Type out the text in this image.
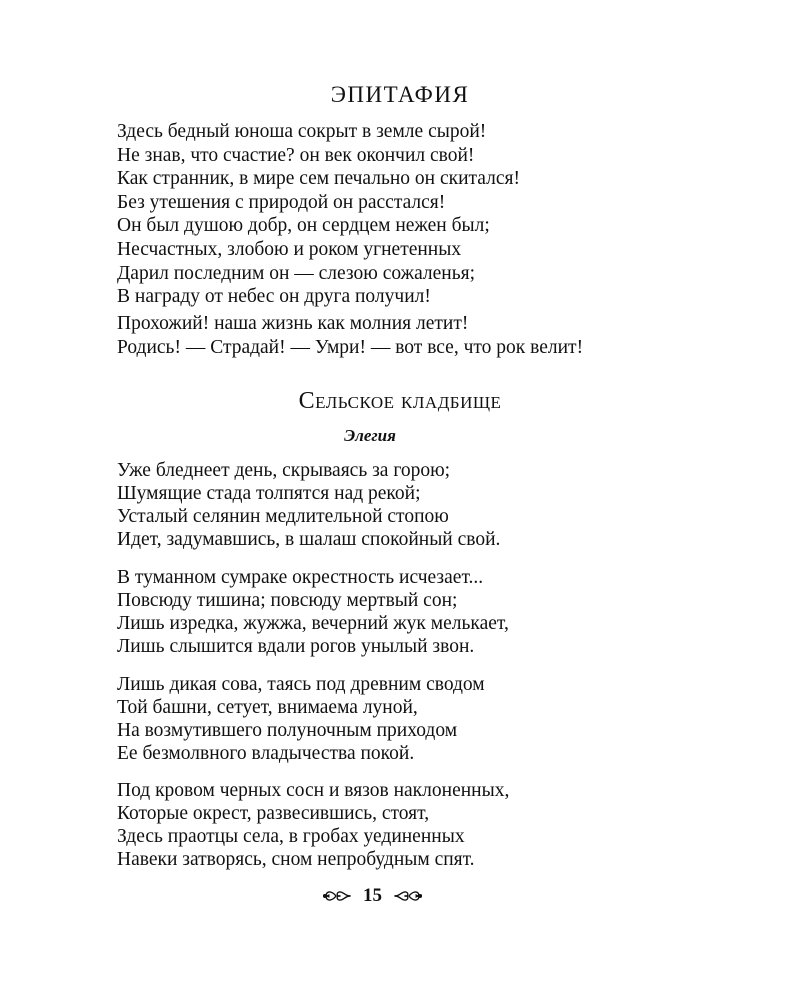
ЭПИТАФИЯ
Здесь бедный юноша сокрыт в земле сырой!
Не знав, что счастие? он век окончил свой!
Как странник, в мире сем печально он скитался!
Без утешения с природой он расстался!
Он был душою добр, он сердцем нежен был;
Несчастных, злобою и роком угнетенных
Дарил последним он — слезою сожаленья;
В награду от небес он друга получил!
Прохожий! наша жизнь как молния летит!
Родись! — Страдай! — Умри! — вот все, что рок велит!
Сельское кладбище

Элегия

Уже бледнеет день, скрываясь за горою;
Шумящие стада толпятся над рекой;
Усталый селянин медлительной стопою
Идет, задумавшись, в шалаш спокойный свой.
В туманном сумраке окрестность исчезает...
Повсюду тишина; повсюду мертвый сон;
Лишь изредка, жужжа, вечерний жук мелькает,
Лишь слышится вдали рогов унылый звон.
Лишь дикая сова, таясь под древним сводом
Той башни, сетует, внимаема луной,
На возмутившего полуночным приходом
Ее безмолвного владычества покой.
Под кровом черных сосн и вязов наклоненных,
Которые окрест, развесившись, стоят,
Здесь праотцы села, в гробах уединенных
Навеки затворясь, сном непробудным спят.
15
